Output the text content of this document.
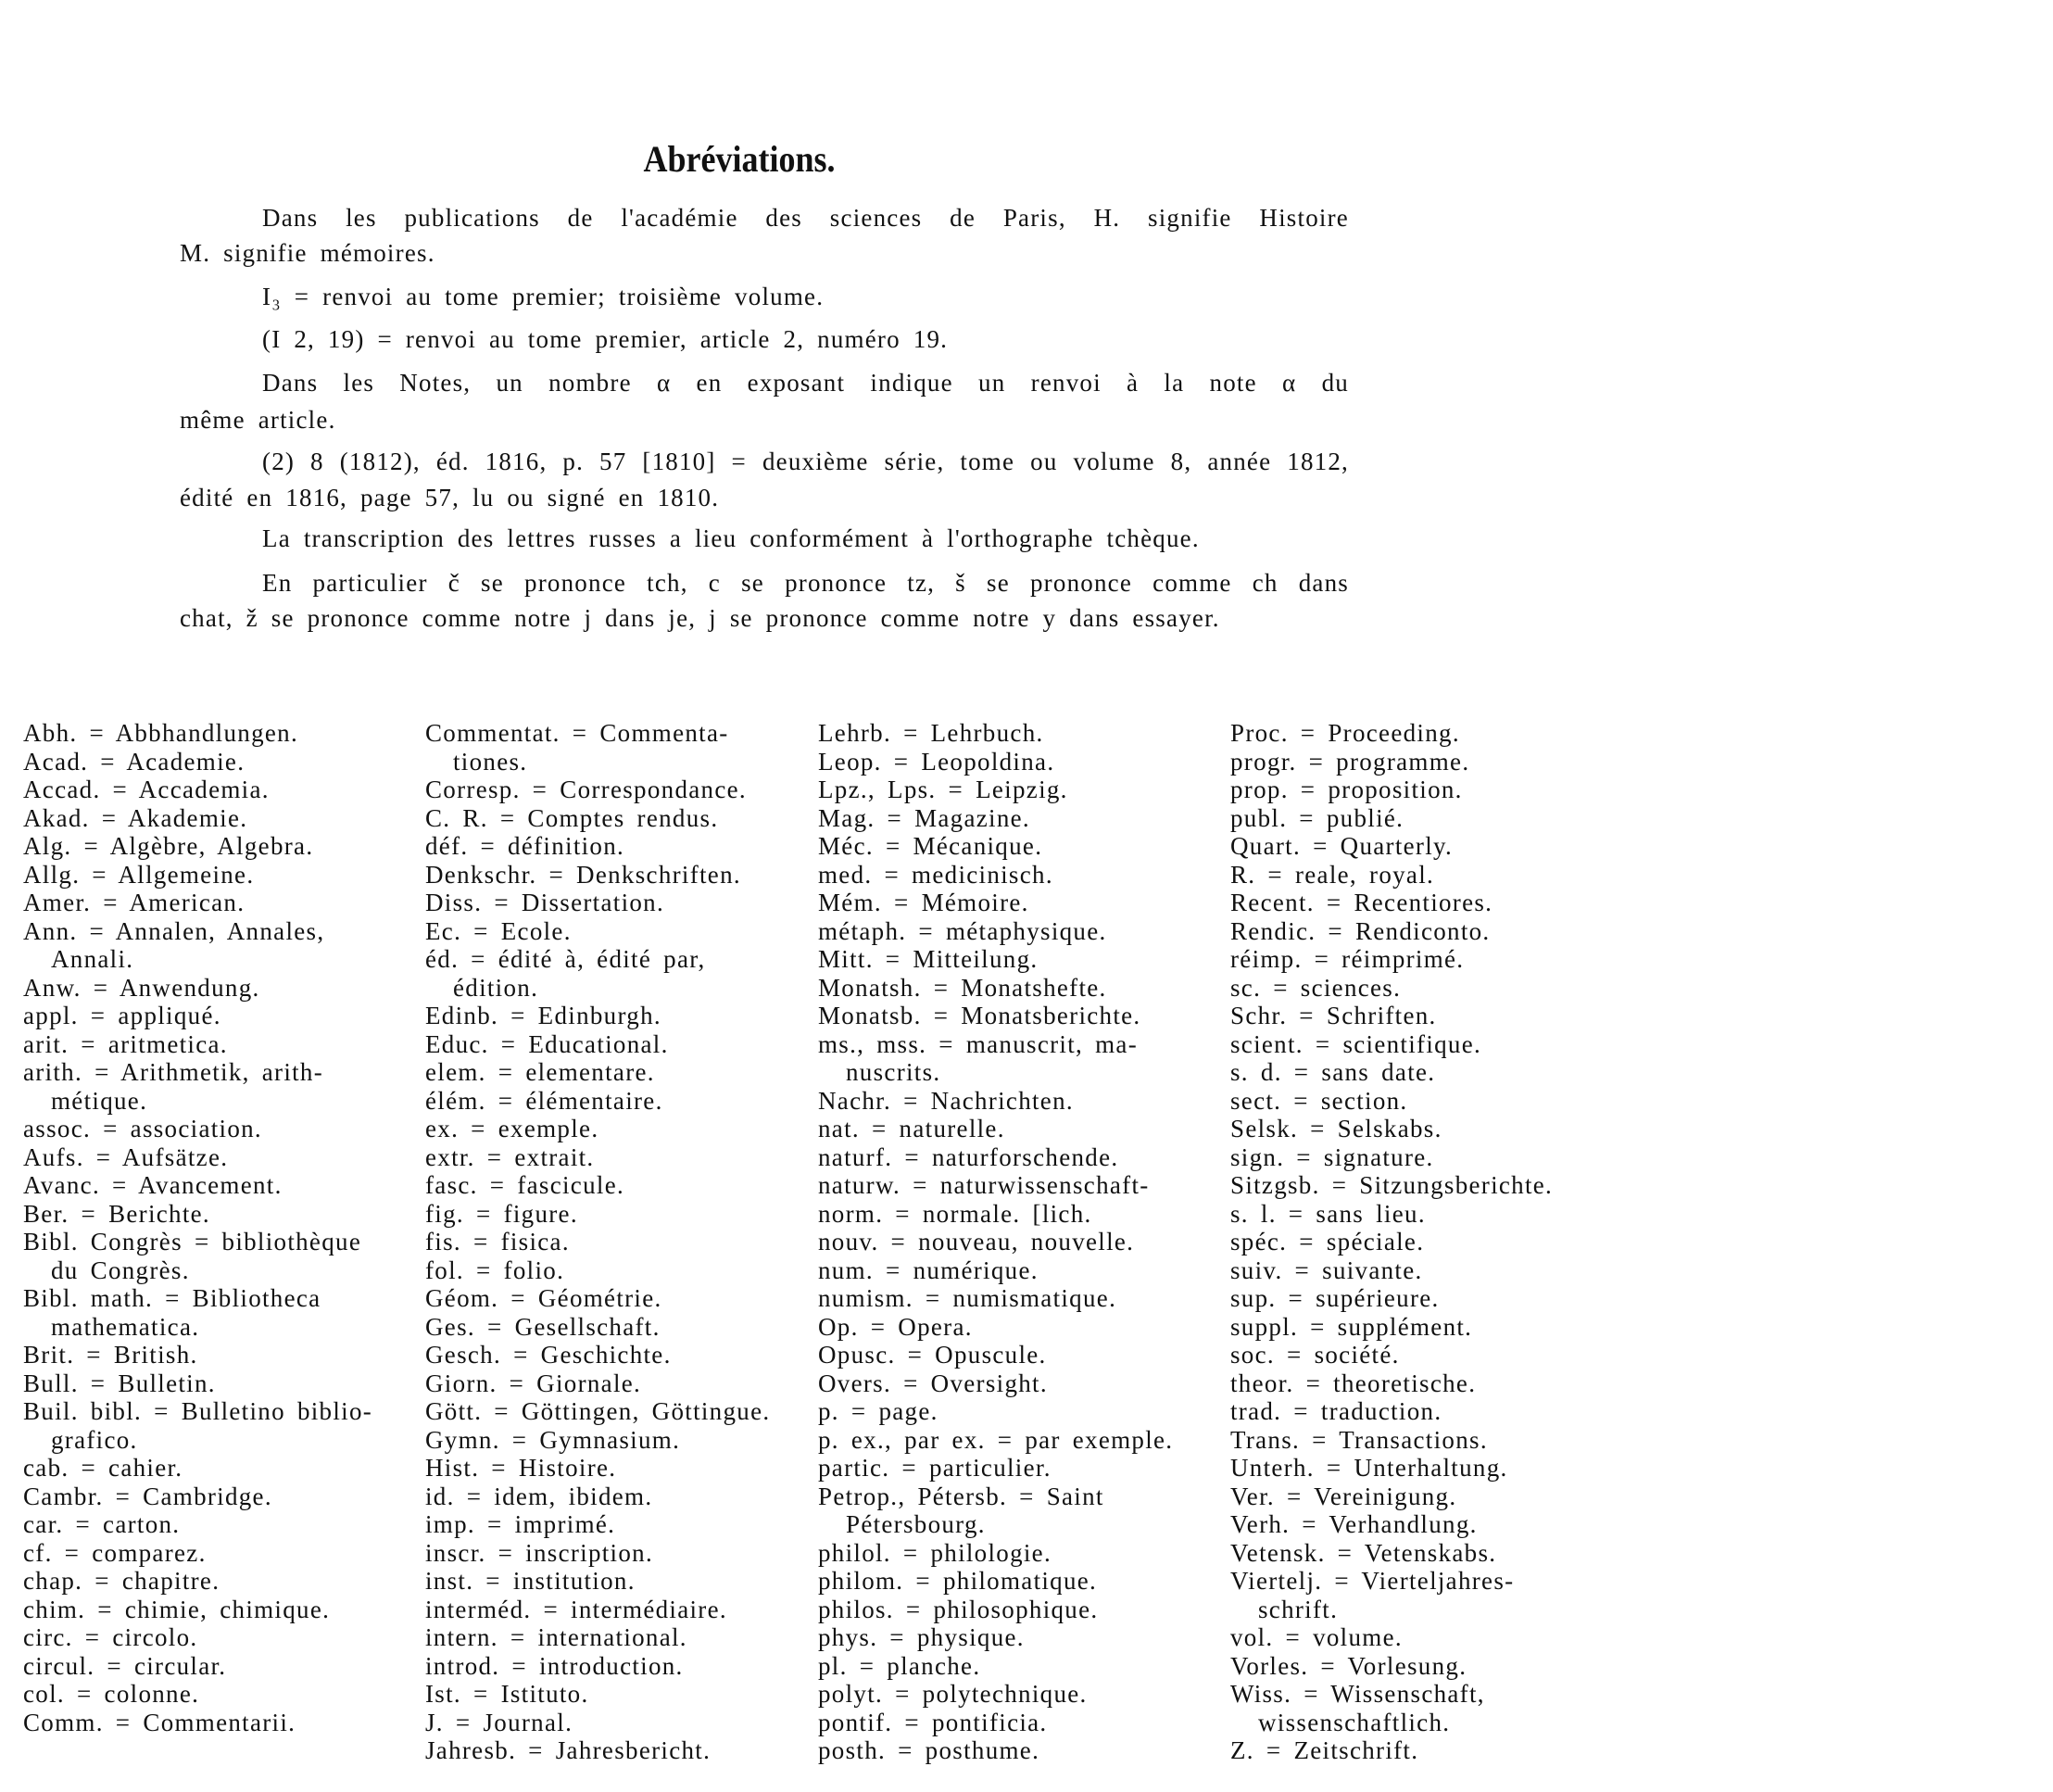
Abréviations.
Dans les publications de l'académie des sciences de Paris, H. signifie Histoire
M. signifie mémoires.
I₃ = renvoi au tome premier; troisième volume.
(I 2, 19) = renvoi au tome premier, article 2, numéro 19.
Dans les Notes, un nombre α en exposant indique un renvoi à la note α du
même article.
(2) 8 (1812), éd. 1816, p. 57 [1810] = deuxième série, tome ou volume 8, année 1812,
édité en 1816, page 57, lu ou signé en 1810.
La transcription des lettres russes a lieu conformément à l'orthographe tchèque.
En particulier č se prononce tch, c se prononce tz, š se prononce comme ch dans
chat, ž se prononce comme notre j dans je, j se prononce comme notre y dans essayer.
Abh. = Abbhandlungen.
Acad. = Academie.
Accad. = Accademia.
Akad. = Akademie.
Alg. = Algèbre, Algebra.
Allg. = Allgemeine.
Amer. = American.
Ann. = Annalen, Annales,
Annali.
Anw. = Anwendung.
appl. = appliqué.
arit. = aritmetica.
arith. = Arithmetik, arith-
métique.
assoc. = association.
Aufs. = Aufsätze.
Avanc. = Avancement.
Ber. = Berichte.
Bibl. Congrès = bibliothèque
du Congrès.
Bibl. math. = Bibliotheca
mathematica.
Brit. = British.
Bull. = Bulletin.
Buil. bibl. = Bulletino biblio-
grafico.
cab. = cahier.
Cambr. = Cambridge.
car. = carton.
cf. = comparez.
chap. = chapitre.
chim. = chimie, chimique.
circ. = circolo.
circul. = circular.
col. = colonne.
Comm. = Commentarii.
Commentat. = Commenta-
tiones.
Corresp. = Correspondance.
C. R. = Comptes rendus.
déf. = définition.
Denkschr. = Denkschriften.
Diss. = Dissertation.
Ec. = Ecole.
éd. = édité à, édité par,
édition.
Edinb. = Edinburgh.
Educ. = Educational.
elem. = elementare.
élém. = élémentaire.
ex. = exemple.
extr. = extrait.
fasc. = fascicule.
fig. = figure.
fis. = fisica.
fol. = folio.
Géom. = Géométrie.
Ges. = Gesellschaft.
Gesch. = Geschichte.
Giorn. = Giornale.
Gött. = Göttingen, Göttingue.
Gymn. = Gymnasium.
Hist. = Histoire.
id. = idem, ibidem.
imp. = imprimé.
inscr. = inscription.
inst. = institution.
interméd. = intermédiaire.
intern. = international.
introd. = introduction.
Ist. = Istituto.
J. = Journal.
Jahresb. = Jahresbericht.
Lehrb. = Lehrbuch.
Leop. = Leopoldina.
Lpz., Lps. = Leipzig.
Mag. = Magazine.
Méc. = Mécanique.
med. = medicinisch.
Mém. = Mémoire.
métaph. = métaphysique.
Mitt. = Mitteilung.
Monatsh. = Monatshefte.
Monatsb. = Monatsberichte.
ms., mss. = manuscrit, ma-
nuscrits.
Nachr. = Nachrichten.
nat. = naturelle.
naturf. = naturforschende.
naturw. = naturwissenschaft-
norm. = normale. [lich.
nouv. = nouveau, nouvelle.
num. = numérique.
numism. = numismatique.
Op. = Opera.
Opusc. = Opuscule.
Overs. = Oversight.
p. = page.
p. ex., par ex. = par exemple.
partic. = particulier.
Petrop., Pétersb. = Saint
Pétersbourg.
philol. = philologie.
philom. = philomatique.
philos. = philosophique.
phys. = physique.
pl. = planche.
polyt. = polytechnique.
pontif. = pontificia.
posth. = posthume.
Proc. = Proceeding.
progr. = programme.
prop. = proposition.
publ. = publié.
Quart. = Quarterly.
R. = reale, royal.
Recent. = Recentiores.
Rendic. = Rendiconto.
réimp. = réimprimé.
sc. = sciences.
Schr. = Schriften.
scient. = scientifique.
s. d. = sans date.
sect. = section.
Selsk. = Selskabs.
sign. = signature.
Sitzgsb. = Sitzungsberichte.
s. l. = sans lieu.
spéc. = spéciale.
suiv. = suivante.
sup. = supérieure.
suppl. = supplément.
soc. = société.
theor. = theoretische.
trad. = traduction.
Trans. = Transactions.
Unterh. = Unterhaltung.
Ver. = Vereinigung.
Verh. = Verhandlung.
Vetensk. = Vetenskabs.
Viertelj. = Vierteljahres-
schrift.
vol. = volume.
Vorles. = Vorlesung.
Wiss. = Wissenschaft,
wissenschaftlich.
Z. = Zeitschrift.
